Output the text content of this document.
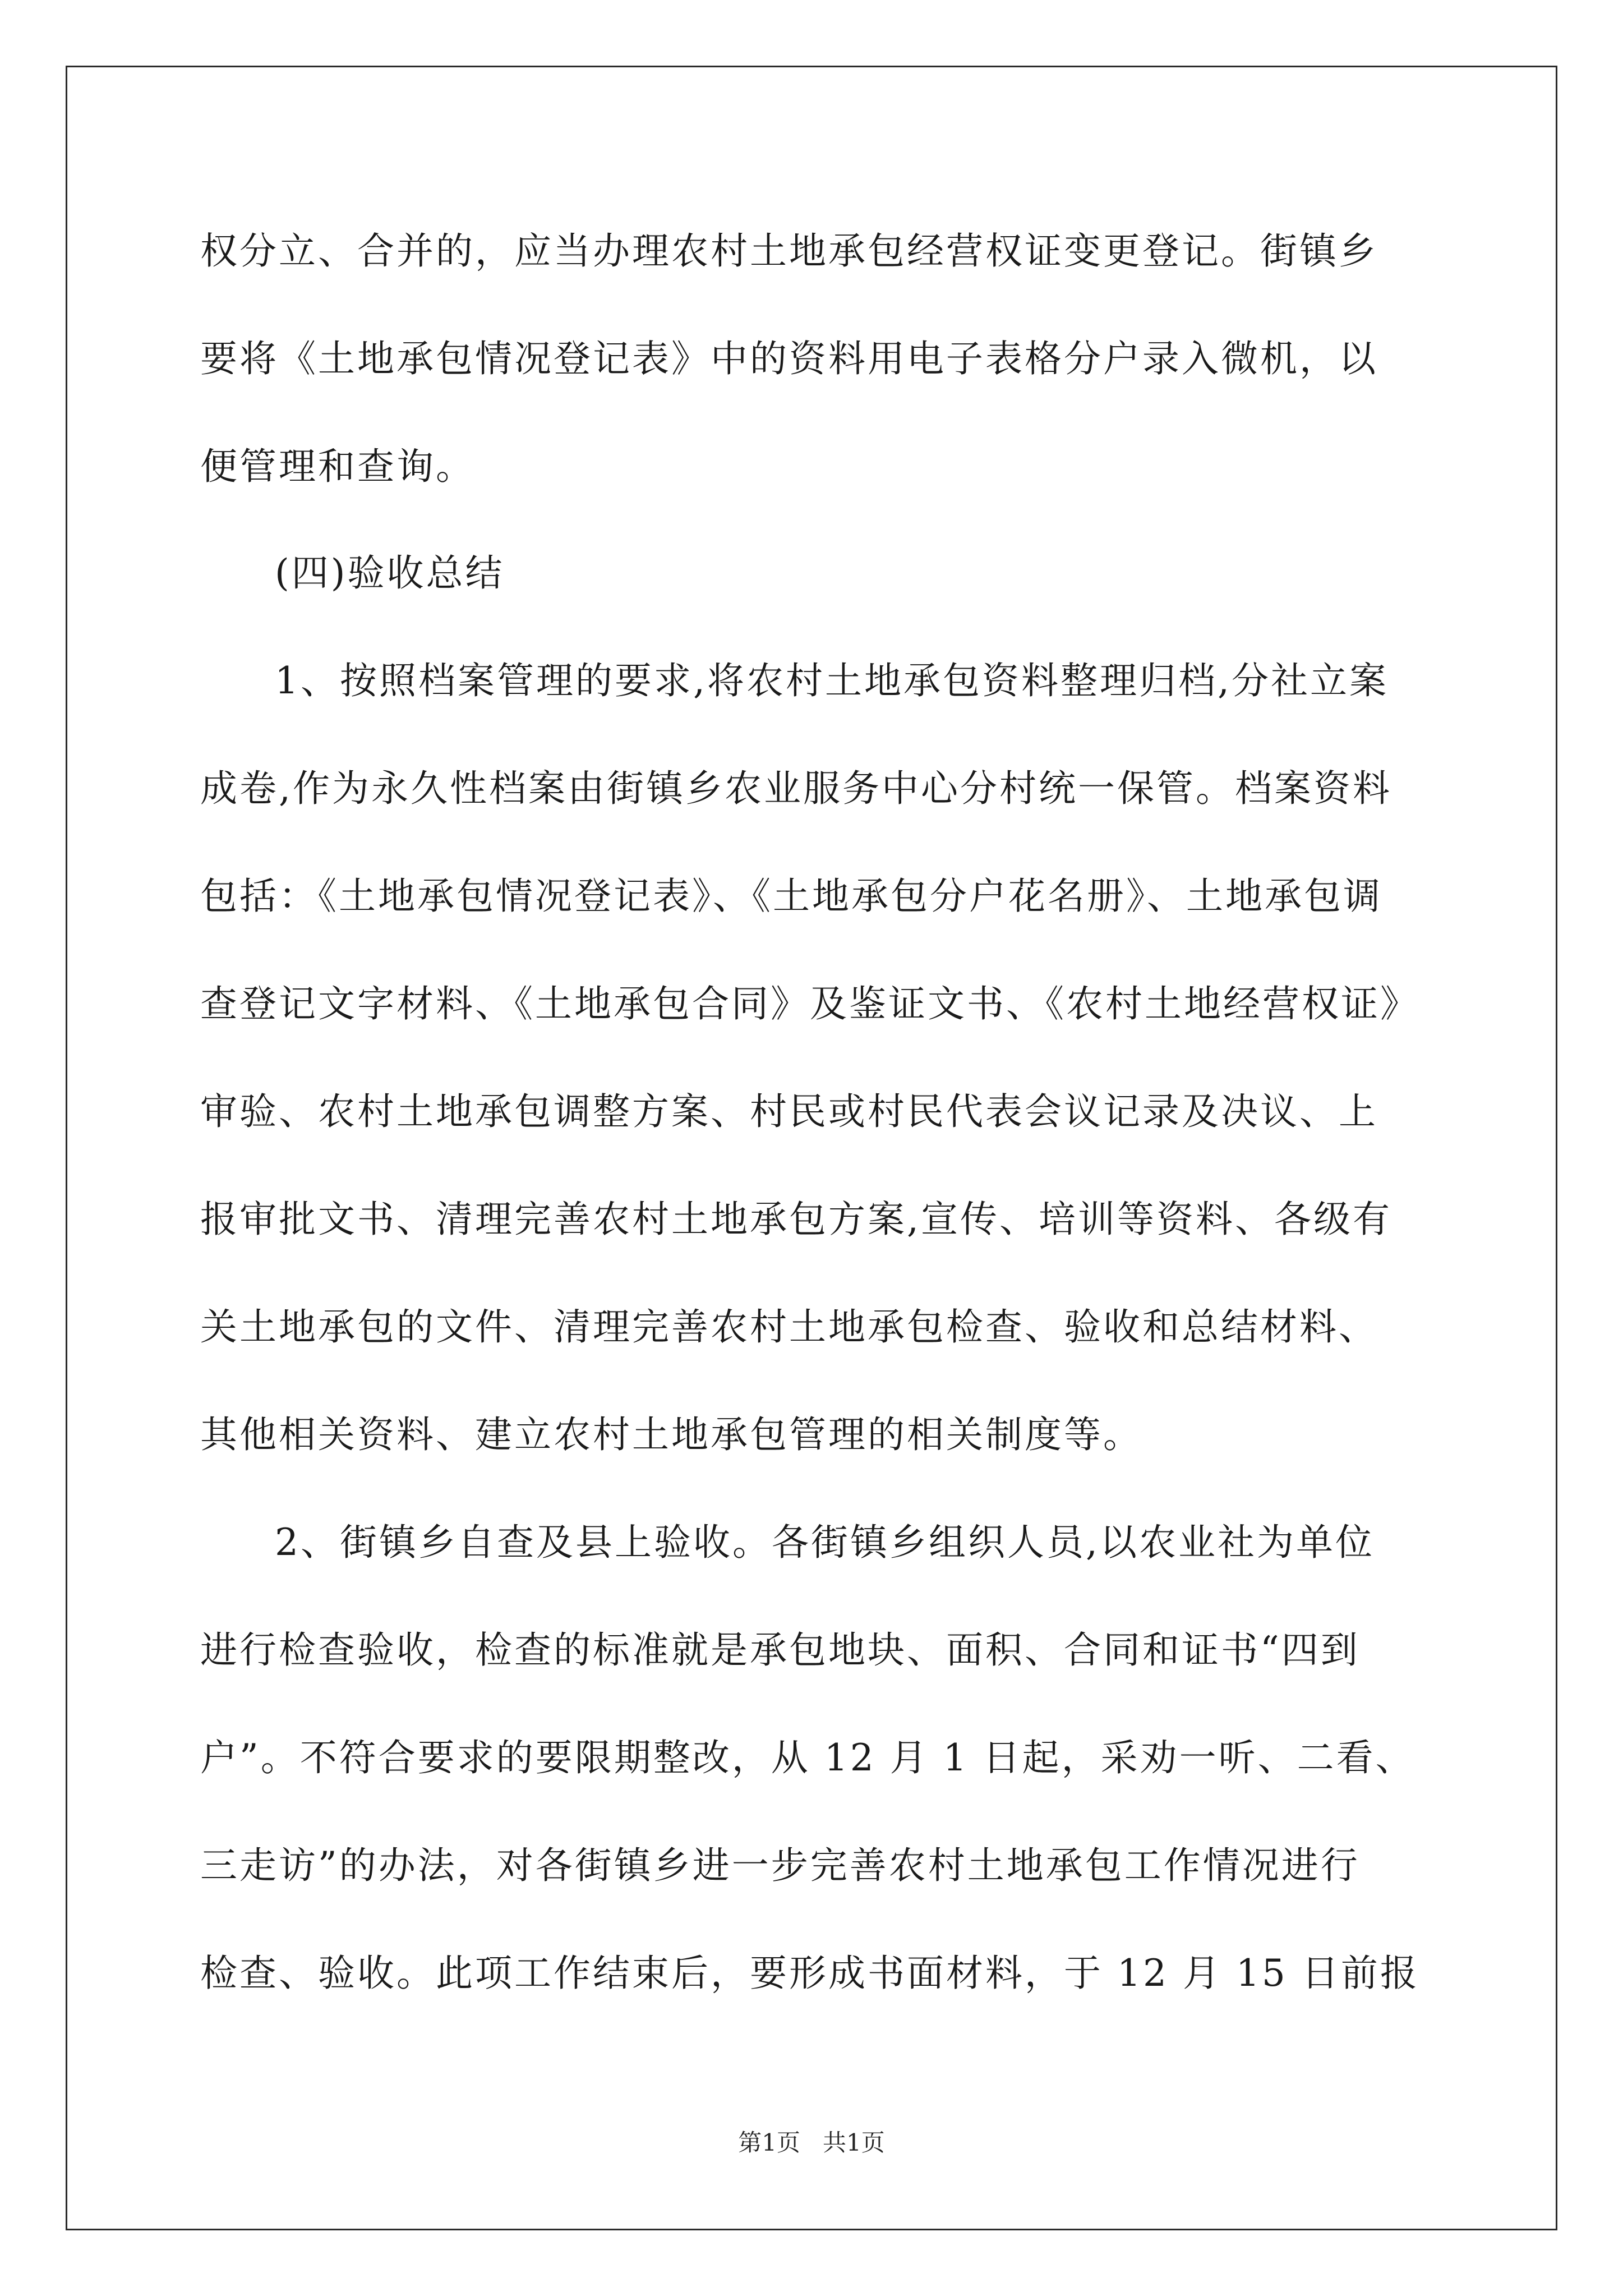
权分立、合并的，应当办理农村土地承包经营权证变更登记。街镇乡
要将《土地承包情况登记表》中的资料用电子表格分户录入微机，以
便管理和查询。
(四)验收总结
1、按照档案管理的要求,将农村土地承包资料整理归档,分社立案
成卷,作为永久性档案由街镇乡农业服务中心分村统一保管。档案资料
包括：《土地承包情况登记表》、《土地承包分户花名册》、土地承包调
查登记文字材料、《土地承包合同》及鉴证文书、《农村土地经营权证》
审验、农村土地承包调整方案、村民或村民代表会议记录及决议、上
报审批文书、清理完善农村土地承包方案,宣传、培训等资料、各级有
关土地承包的文件、清理完善农村土地承包检查、验收和总结材料、
其他相关资料、建立农村土地承包管理的相关制度等。
2、街镇乡自查及县上验收。各街镇乡组织人员,以农业社为单位
进行检查验收，检查的标准就是承包地块、面积、合同和证书“四到
户”。不符合要求的要限期整改，从 12 月 1 日起，采劝一听、二看、
三走访”的办法，对各街镇乡进一步完善农村土地承包工作情况进行
检查、验收。此项工作结束后，要形成书面材料，于 12 月 15 日前报
第1页   共1页
